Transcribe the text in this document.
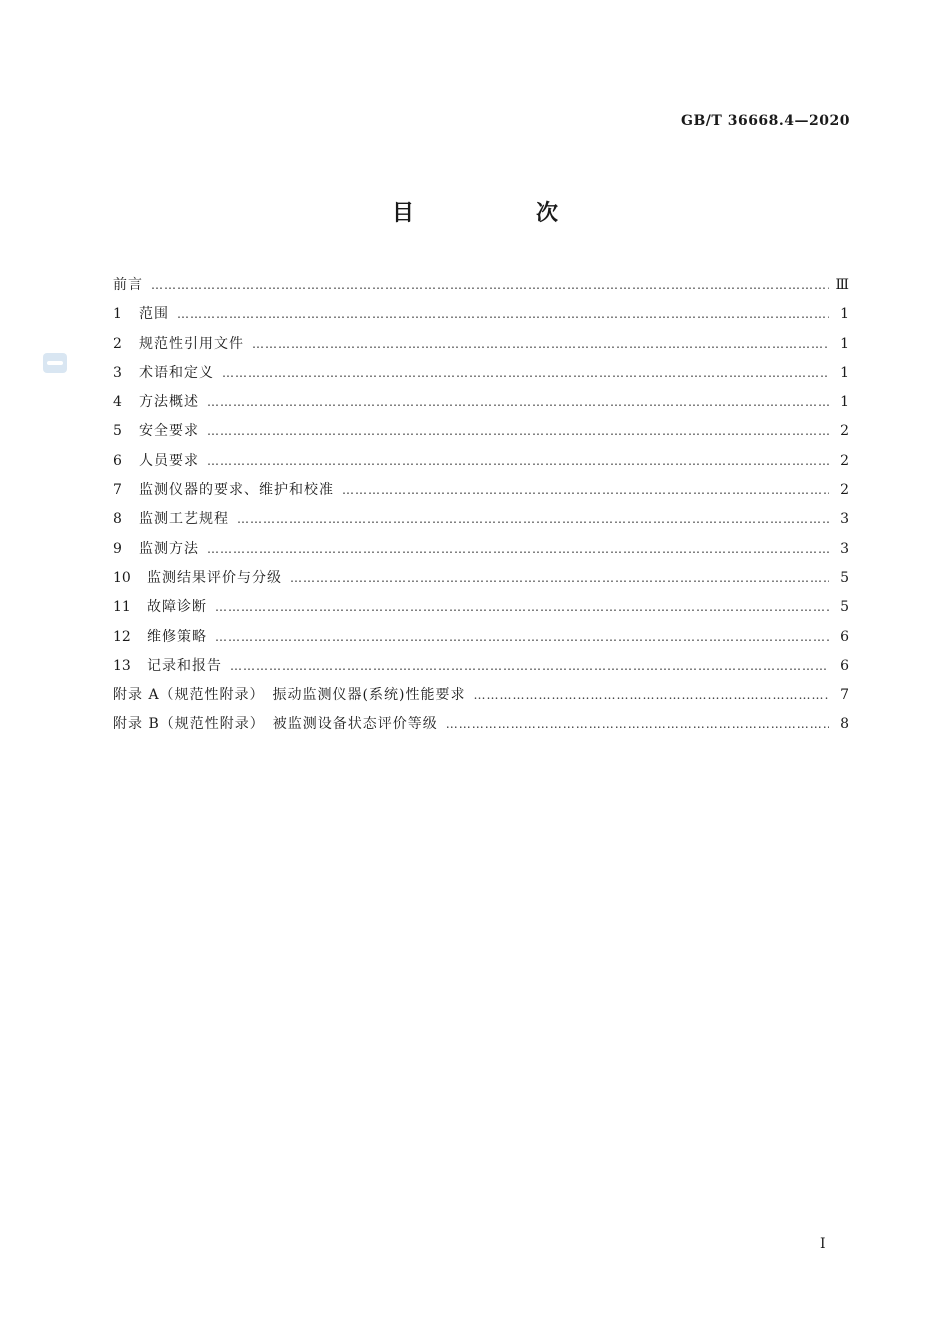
GB/T 36668.4—2020
目　次
前言 ………………………………………………………………………………………………………………………………………………………………………………………………………………………………	Ⅲ
1	范围 ………………………………………………………………………………………………………………………………………………………………………………………………………………………………	1
2	规范性引用文件 ………………………………………………………………………………………………………………………………………………………………………………………………………………………………	1
3	术语和定义 ………………………………………………………………………………………………………………………………………………………………………………………………………………………………	1
4	方法概述 ………………………………………………………………………………………………………………………………………………………………………………………………………………………………	1
5	安全要求 ………………………………………………………………………………………………………………………………………………………………………………………………………………………………	2
6	人员要求 ………………………………………………………………………………………………………………………………………………………………………………………………………………………………	2
7	监测仪器的要求、维护和校准 ………………………………………………………………………………………………………………………………………………………………………………………………………………………………	2
8	监测工艺规程 ………………………………………………………………………………………………………………………………………………………………………………………………………………………………	3
9	监测方法 ………………………………………………………………………………………………………………………………………………………………………………………………………………………………	3
10	监测结果评价与分级 ………………………………………………………………………………………………………………………………………………………………………………………………………………………………	5
11	故障诊断 ………………………………………………………………………………………………………………………………………………………………………………………………………………………………	5
12	维修策略 ………………………………………………………………………………………………………………………………………………………………………………………………………………………………	6
13	记录和报告 ………………………………………………………………………………………………………………………………………………………………………………………………………………………………	6
附录 A（规范性附录）　振动监测仪器(系统)性能要求 ………………………………………………………………………………………………………………………………………………………………………………………………………………………………	7
附录 B（规范性附录）　被监测设备状态评价等级 ………………………………………………………………………………………………………………………………………………………………………………………………………………………………	8
I
